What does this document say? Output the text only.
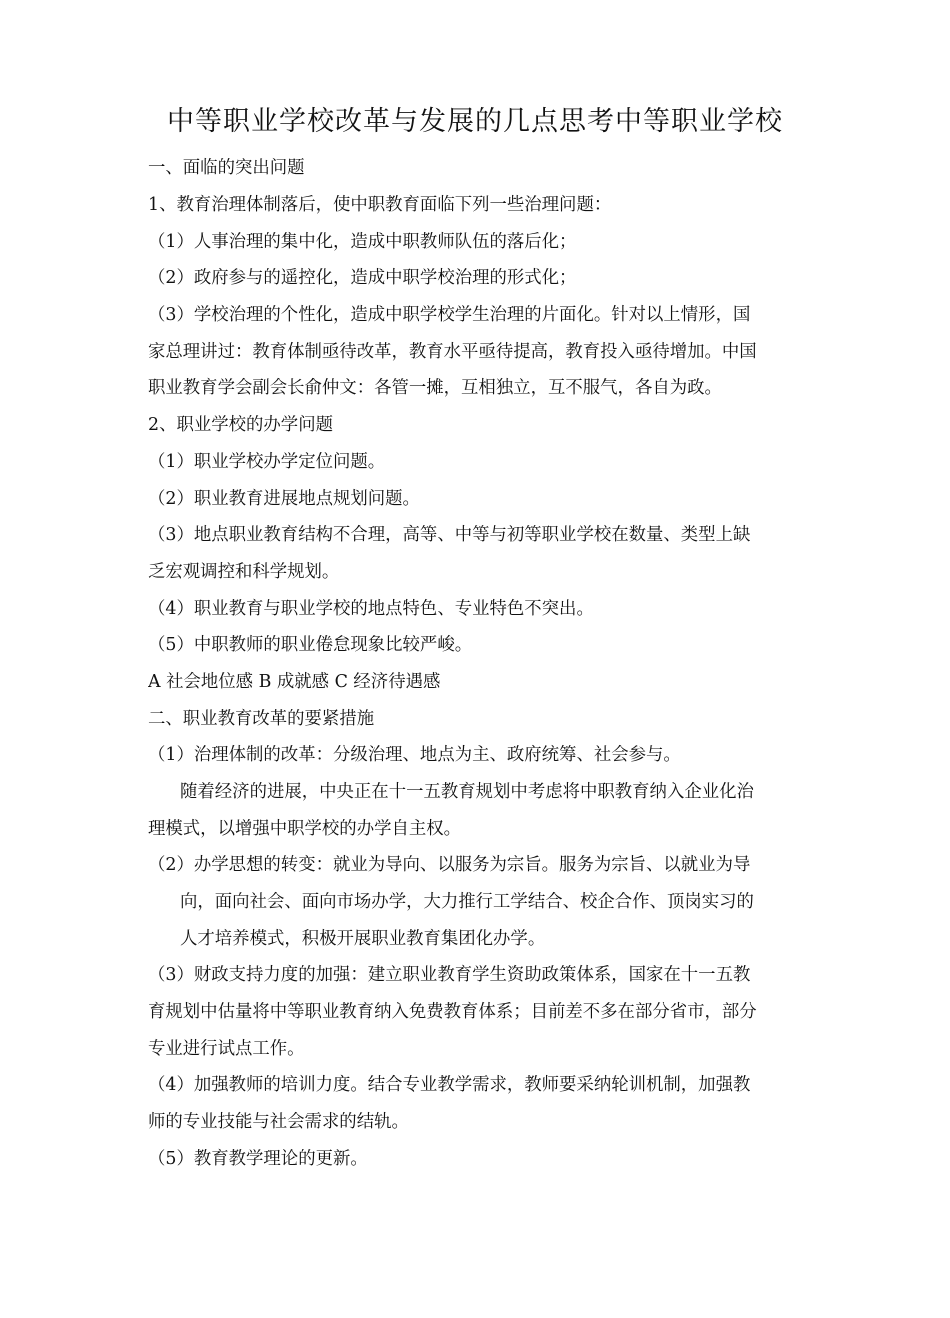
中等职业学校改革与发展的几点思考中等职业学校

一、面临的突出问题

1、教育治理体制落后，使中职教育面临下列一些治理问题：

（1）人事治理的集中化，造成中职教师队伍的落后化；

（2）政府参与的遥控化，造成中职学校治理的形式化；

（3）学校治理的个性化，造成中职学校学生治理的片面化。针对以上情形，国

家总理讲过：教育体制亟待改革，教育水平亟待提高，教育投入亟待增加。中国

职业教育学会副会长俞仲文：各管一摊，互相独立，互不服气，各自为政。

2、职业学校的办学问题

（1）职业学校办学定位问题。

（2）职业教育进展地点规划问题。

（3）地点职业教育结构不合理，高等、中等与初等职业学校在数量、类型上缺

乏宏观调控和科学规划。

（4）职业教育与职业学校的地点特色、专业特色不突出。

（5）中职教师的职业倦怠现象比较严峻。

A 社会地位感 B 成就感 C 经济待遇感

二、职业教育改革的要紧措施

（1）治理体制的改革：分级治理、地点为主、政府统筹、社会参与。

随着经济的进展，中央正在十一五教育规划中考虑将中职教育纳入企业化治

理模式，以增强中职学校的办学自主权。

（2）办学思想的转变：就业为导向、以服务为宗旨。服务为宗旨、以就业为导

向，面向社会、面向市场办学，大力推行工学结合、校企合作、顶岗实习的

人才培养模式，积极开展职业教育集团化办学。

（3）财政支持力度的加强：建立职业教育学生资助政策体系，国家在十一五教

育规划中估量将中等职业教育纳入免费教育体系；目前差不多在部分省市，部分

专业进行试点工作。

（4）加强教师的培训力度。结合专业教学需求，教师要采纳轮训机制，加强教

师的专业技能与社会需求的结轨。

（5）教育教学理论的更新。
